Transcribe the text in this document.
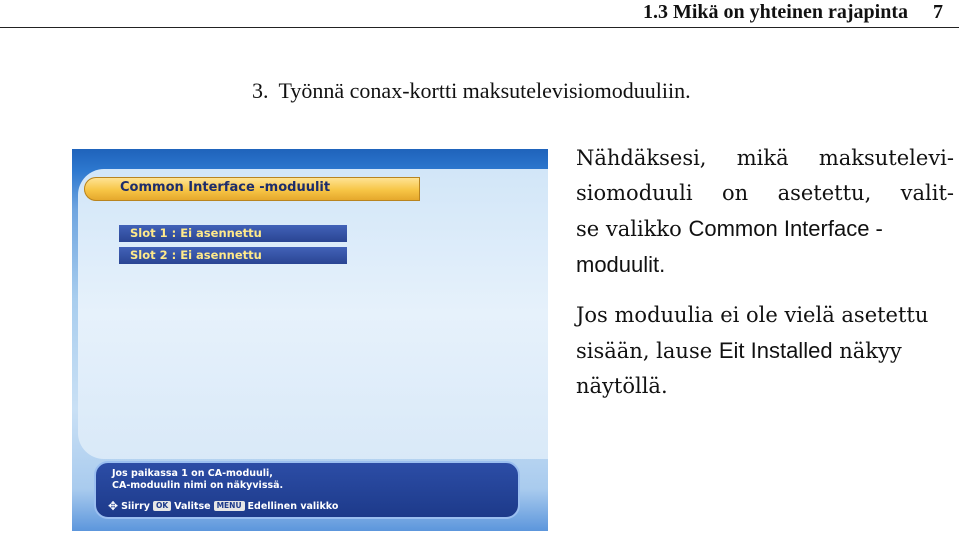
1.3 Mikä on yhteinen rajapinta 7
3. Työnnä conax-kortti maksutelevisiomoduuliin.
Common Interface -moduulit
Slot 1 : Ei asennettu
Slot 2 : Ei asennettu
Jos paikassa 1 on CA-moduuli,
CA-moduulin nimi on näkyvissä.
✥ Siirry OK Valitse MENU Edellinen valikko
Nähdäksesi, mikä maksutelevi-
siomoduuli on asetettu, valit-
se valikko Common Interface -
moduulit.
Jos moduulia ei ole vielä asetettu
sisään, lause Eit Installed näkyy
näytöllä.
